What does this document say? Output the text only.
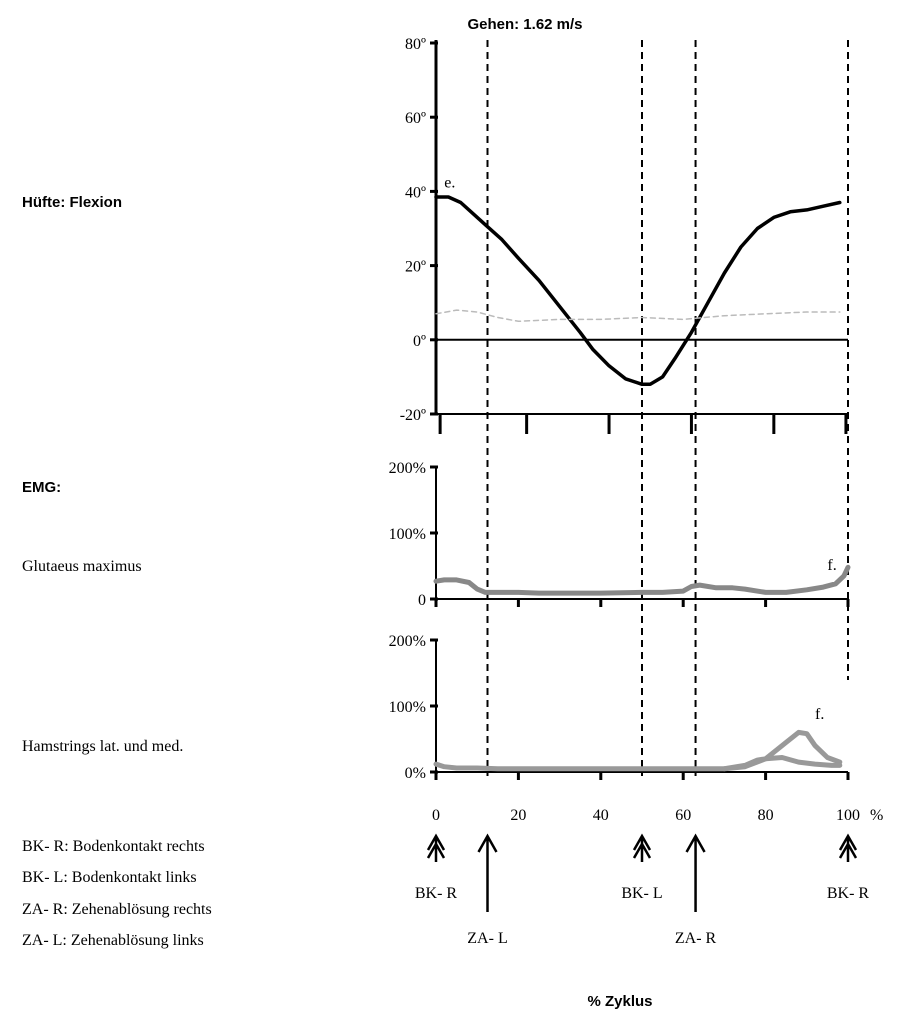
Gehen: 1.62 m/s
Hüfte: Flexion
EMG:
Glutaeus maximus
Hamstrings lat. und med.
BK- R: Bodenkontakt rechts
BK- L: Bodenkontakt links
ZA- R: Zehenablösung rechts
ZA- L: Zehenablösung links
% Zyklus
-20º
0º
20º
40º
60º
80º
e.
0
100%
200%
f.
0%
100%
200%
f.
0	20	40	60	80	100 %
BK- R
ZA- L
BK- L
ZA- R
BK- R
